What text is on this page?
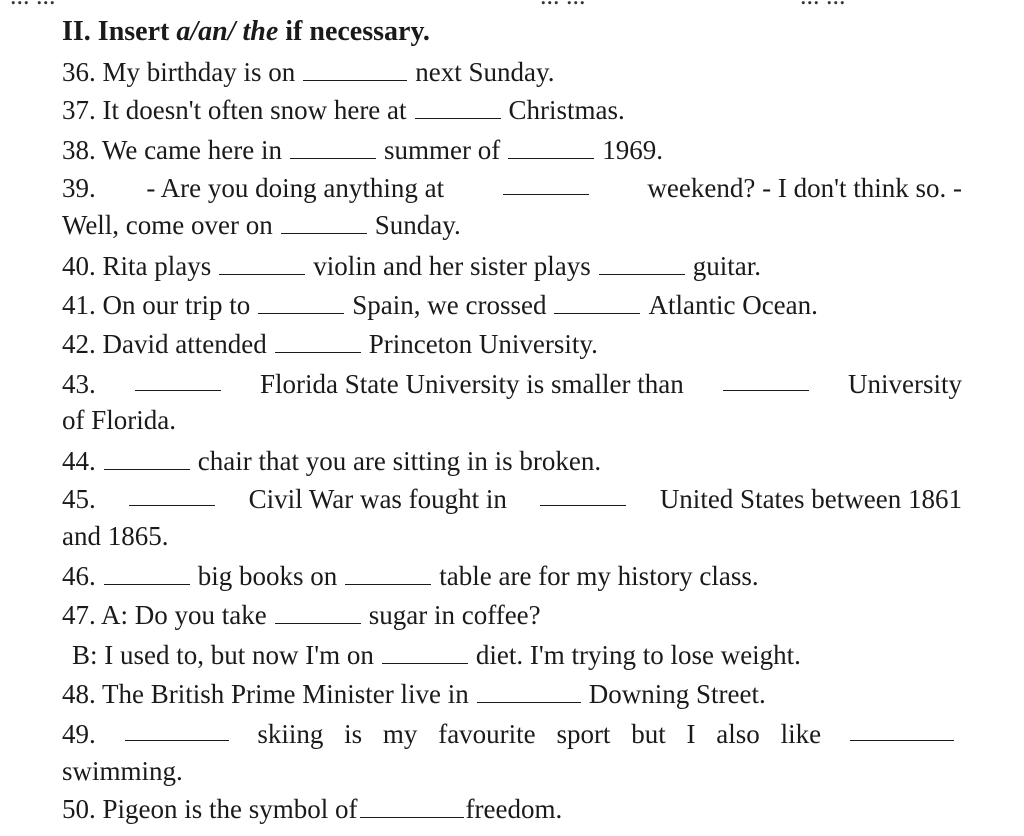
II. Insert a/an/ the if necessary.
36. My birthday is on	next Sunday.
37. It doesn't often snow here at	Christmas.
38. We came here in	summer of	1969.
39. - Are you doing anything at	weekend? - I don't think so. -
Well, come over on	Sunday.
40. Rita plays	violin and her sister plays	guitar.
41. On our trip to	Spain, we crossed	Atlantic Ocean.
42. David attended	Princeton University.
43.	Florida State University is smaller than	University
of Florida.
44.	chair that you are sitting in is broken.
45.	Civil War was fought in	United States between 1861
and 1865.
46.	big books on	table are for my history class.
47. A: Do you take	sugar in coffee?
B: I used to, but now I'm on	diet. I'm trying to lose weight.
48. The British Prime Minister live in	Downing Street.
49.	skiing is my favourite sport but I also like
swimming.
50. Pigeon is the symbol of	freedom.
